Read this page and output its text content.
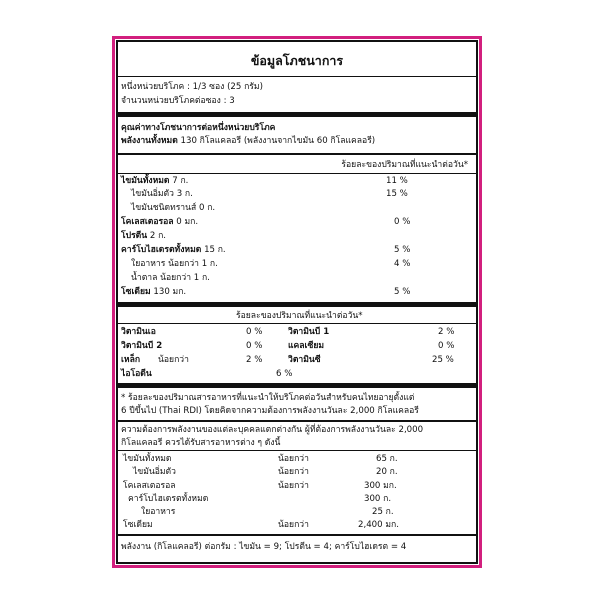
ข้อมูลโภชนาการ
หนึ่งหน่วยบริโภค : 1/3 ซอง (25 กรัม)
จำนวนหน่วยบริโภคต่อซอง : 3
คุณค่าทางโภชนาการต่อหนึ่งหน่วยบริโภค
พลังงานทั้งหมด 130 กิโลแคลอรี (พลังงานจากไขมัน 60 กิโลแคลอรี)
ร้อยละของปริมาณที่แนะนำต่อวัน*
ไขมันทั้งหมด 7 ก.	11 %
ไขมันอิ่มตัว 3 ก.	15 %
ไขมันชนิดทรานส์ 0 ก.
โคเลสเตอรอล 0 มก.	0 %
โปรตีน 2 ก.
คาร์โบไฮเดรตทั้งหมด 15 ก.	5 %
ใยอาหาร น้อยกว่า 1 ก.	4 %
น้ำตาล น้อยกว่า 1 ก.
โซเดียม 130 มก.	5 %
ร้อยละของปริมาณที่แนะนำต่อวัน*
วิตามินเอ	0 %	วิตามินบี 1	2 %
วิตามินบี 2	0 %	แคลเซียม	0 %
เหล็ก น้อยกว่า	2 %	วิตามินซี	25 %
ไอโอดีน	6 %
* ร้อยละของปริมาณสารอาหารที่แนะนำให้บริโภคต่อวันสำหรับคนไทยอายุตั้งแต่
6 ปีขึ้นไป (Thai RDI) โดยคิดจากความต้องการพลังงานวันละ 2,000 กิโลแคลอรี
ความต้องการพลังงานของแต่ละบุคคลแตกต่างกัน ผู้ที่ต้องการพลังงานวันละ 2,000
กิโลแคลอรี ควรได้รับสารอาหารต่าง ๆ ดังนี้
ไขมันทั้งหมด	น้อยกว่า	65 ก.
ไขมันอิ่มตัว	น้อยกว่า	20 ก.
โคเลสเตอรอล	น้อยกว่า	300 มก.
คาร์โบไฮเดรตทั้งหมด	300 ก.
ใยอาหาร	25 ก.
โซเดียม	น้อยกว่า	2,400 มก.
พลังงาน (กิโลแคลอรี) ต่อกรัม : ไขมัน = 9; โปรตีน = 4; คาร์โบไฮเดรต = 4
